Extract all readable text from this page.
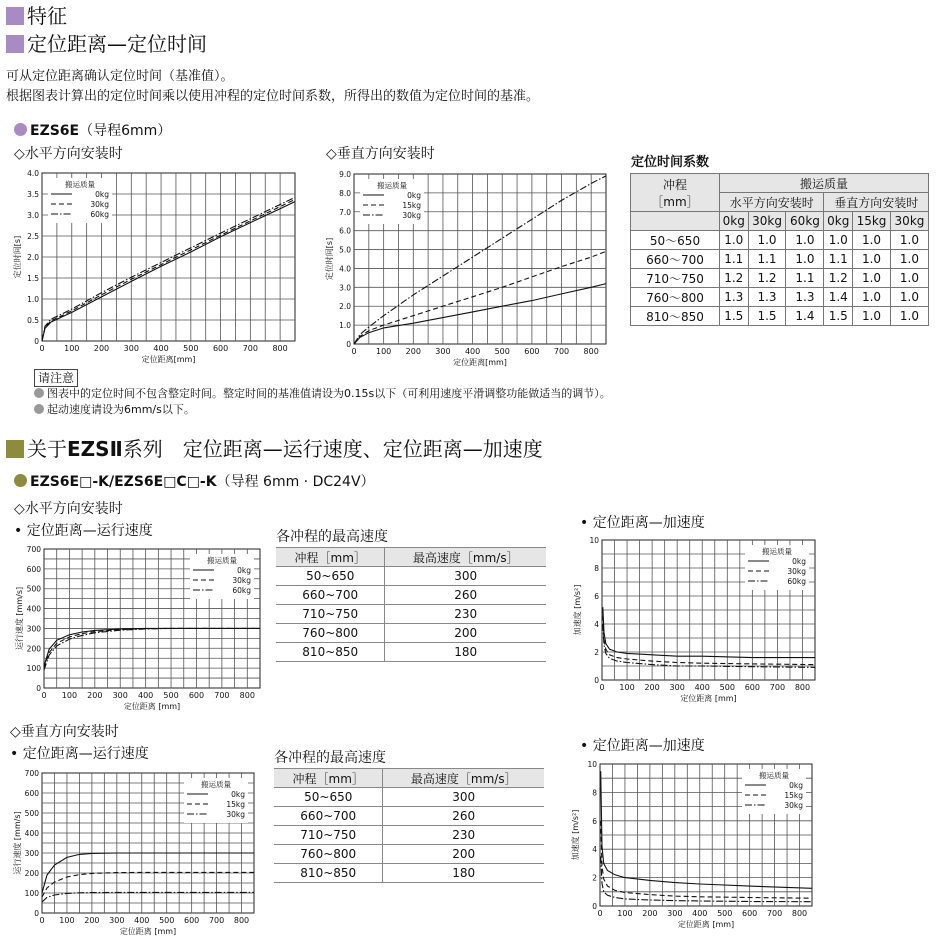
特征
定位距离—定位时间
可从定位距离确认定位时间（基准值）。
根据图表计算出的定位时间乘以使用冲程的定位时间系数，所得出的数值为定位时间的基准。
EZS6E（导程6mm）
◇水平方向安装时	◇垂直方向安装时
0 100 200 300 400 500 600 700 800
0
0.5
1.0
1.5
2.0
2.5
3.0
3.5
4.0
定位距离[mm]
定位时间[s]
搬运质量
0kg
30kg
60kg
0 100 200 300 400 500 600 700 800
0
1.0
2.0
3.0
4.0
5.0
6.0
7.0
8.0
9.0
定位距离[mm]
定位时间[s]
搬运质量
0kg
15kg
30kg
定位时间系数
冲程
［mm］	搬运质量					
	水平方向安装时			垂直方向安装时		
	0kg	30kg	60kg	0kg	15kg	30kg
50～650	1.0	1.0	1.0	1.0	1.0	1.0
660～700	1.1	1.1	1.0	1.1	1.0	1.0
710～750	1.2	1.2	1.1	1.2	1.0	1.0
760～800	1.3	1.3	1.3	1.4	1.0	1.0
810～850	1.5	1.5	1.4	1.5	1.0	1.0
请注意
图表中的定位时间不包含整定时间。整定时间的基准值请设为0.15s以下（可利用速度平滑调整功能做适当的调节）。
起动速度请设为6mm/s以下。
关于EZSⅡ系列　定位距离—运行速度、定位距离—加速度
EZS6E□-K/EZS6E□C□-K（导程 6mm · DC24V）
◇水平方向安装时
• 定位距离—运行速度	• 定位距离—加速度
0 100 200 300 400 500 600 700 800
0
100
200
300
400
500
600
700
定位距离 [mm]
运行速度 [mm/s]
搬运质量
0kg
30kg
60kg
0 100 200 300 400 500 600 700 800
0
2
4
6
8
10
定位距离 [mm]
加速度 [m/s²]
搬运质量
0kg
30kg
60kg
各冲程的最高速度
冲程［mm］	最高速度［mm/s］
50~650	300
660~700	260
710~750	230
760~800	200
810~850	180
◇垂直方向安装时
• 定位距离—运行速度	• 定位距离—加速度
0 100 200 300 400 500 600 700 800
0
100
200
300
400
500
600
700
定位距离 [mm]
运行速度 [mm/s]
搬运质量
0kg
15kg
30kg
0 100 200 300 400 500 600 700 800
0
2
4
6
8
10
定位距离 [mm]
加速度 [m/s²]
搬运质量
0kg
15kg
30kg
各冲程的最高速度
冲程［mm］	最高速度［mm/s］
50~650	300
660~700	260
710~750	230
760~800	200
810~850	180
